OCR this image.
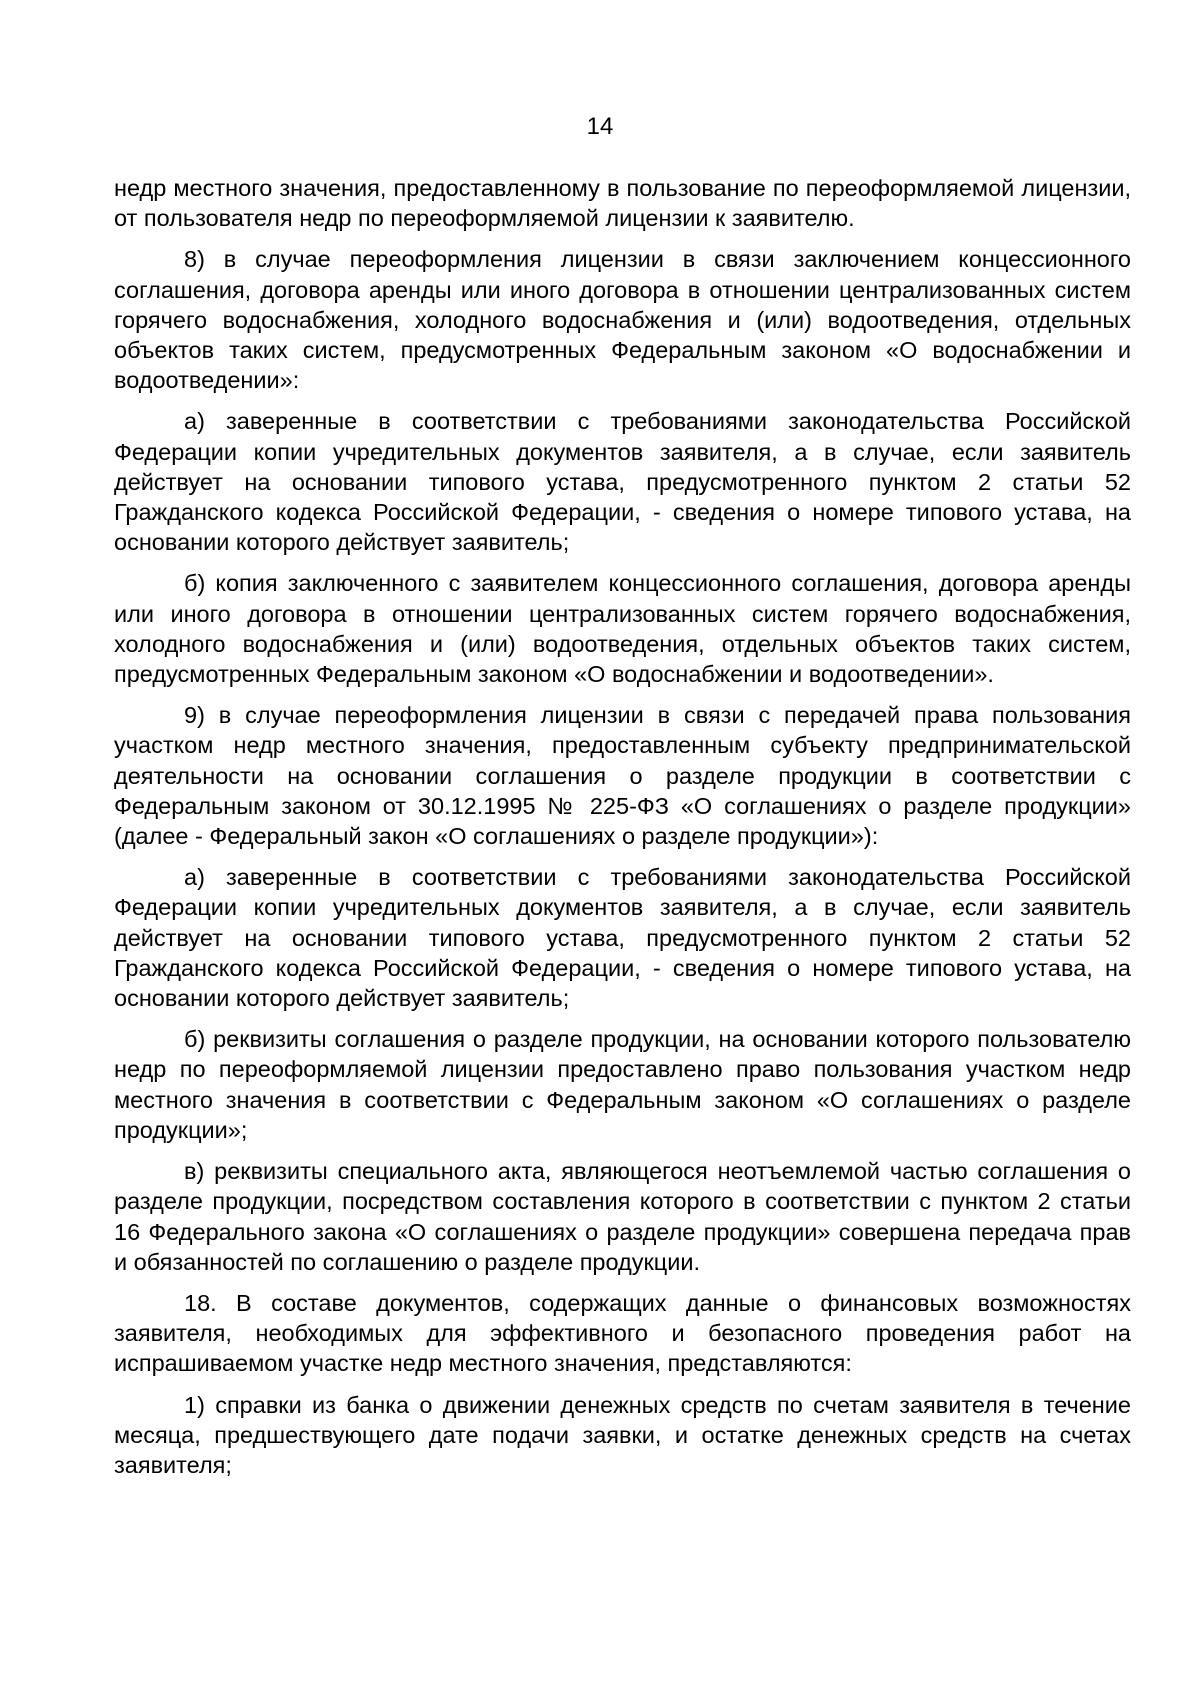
14

недр местного значения, предоставленному в пользование по переоформляемой лицензии, от пользователя недр по переоформляемой лицензии к заявителю.

8) в случае переоформления лицензии в связи заключением концессионного соглашения, договора аренды или иного договора в отношении централизованных систем горячего водоснабжения, холодного водоснабжения и (или) водоотведения, отдельных объектов таких систем, предусмотренных Федеральным законом «О водоснабжении и водоотведении»:

а) заверенные в соответствии с требованиями законодательства Российской Федерации копии учредительных документов заявителя, а в случае, если заявитель действует на основании типового устава, предусмотренного пунктом 2 статьи 52 Гражданского кодекса Российской Федерации, - сведения о номере типового устава, на основании которого действует заявитель;

б) копия заключенного с заявителем концессионного соглашения, договора аренды или иного договора в отношении централизованных систем горячего водоснабжения, холодного водоснабжения и (или) водоотведения, отдельных объектов таких систем, предусмотренных Федеральным законом «О водоснабжении и водоотведении».

9) в случае переоформления лицензии в связи с передачей права пользования участком недр местного значения, предоставленным субъекту предпринимательской деятельности на основании соглашения о разделе продукции в соответствии с Федеральным законом от 30.12.1995 № 225-ФЗ «О соглашениях о разделе продукции» (далее - Федеральный закон «О соглашениях о разделе продукции»):

а) заверенные в соответствии с требованиями законодательства Российской Федерации копии учредительных документов заявителя, а в случае, если заявитель действует на основании типового устава, предусмотренного пунктом 2 статьи 52 Гражданского кодекса Российской Федерации, - сведения о номере типового устава, на основании которого действует заявитель;

б) реквизиты соглашения о разделе продукции, на основании которого пользователю недр по переоформляемой лицензии предоставлено право пользования участком недр местного значения в соответствии с Федеральным законом «О соглашениях о разделе продукции»;

в) реквизиты специального акта, являющегося неотъемлемой частью соглашения о разделе продукции, посредством составления которого в соответствии с пунктом 2 статьи 16 Федерального закона «О соглашениях о разделе продукции» совершена передача прав и обязанностей по соглашению о разделе продукции.

18. В составе документов, содержащих данные о финансовых возможностях заявителя, необходимых для эффективного и безопасного проведения работ на испрашиваемом участке недр местного значения, представляются:

1) справки из банка о движении денежных средств по счетам заявителя в течение месяца, предшествующего дате подачи заявки, и остатке денежных средств на счетах заявителя;
